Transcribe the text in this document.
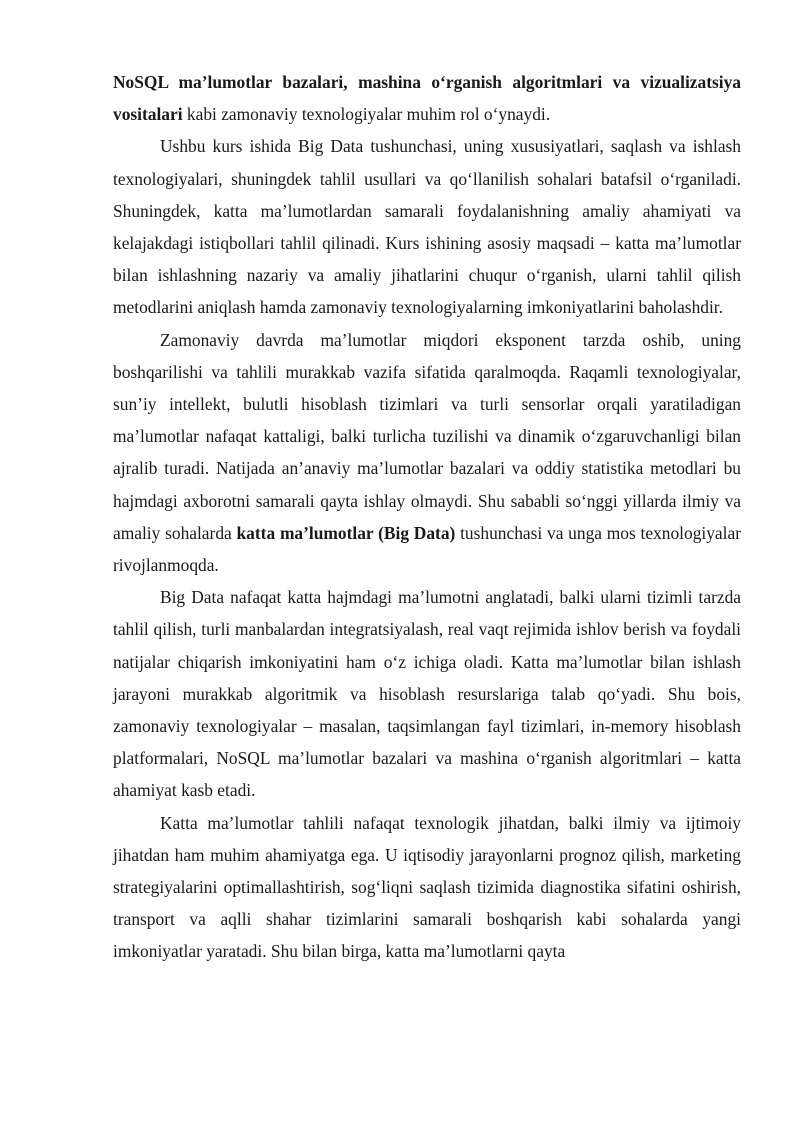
NoSQL ma’lumotlar bazalari, mashina o‘rganish algoritmlari va vizualizatsiya vositalari kabi zamonaviy texnologiyalar muhim rol o‘ynaydi.

Ushbu kurs ishida Big Data tushunchasi, uning xususiyatlari, saqlash va ishlash texnologiyalari, shuningdek tahlil usullari va qo‘llanilish sohalari batafsil o‘rganiladi. Shuningdek, katta ma’lumotlardan samarali foydalanishning amaliy ahamiyati va kelajakdagi istiqbollari tahlil qilinadi. Kurs ishining asosiy maqsadi – katta ma’lumotlar bilan ishlashning nazariy va amaliy jihatlarini chuqur o‘rganish, ularni tahlil qilish metodlarini aniqlash hamda zamonaviy texnologiyalarning imkoniyatlarini baholashdir.

Zamonaviy davrda ma’lumotlar miqdori eksponent tarzda oshib, uning boshqarilishi va tahlili murakkab vazifa sifatida qaralmoqda. Raqamli texnologiyalar, sun’iy intellekt, bulutli hisoblash tizimlari va turli sensorlar orqali yaratiladigan ma’lumotlar nafaqat kattaligi, balki turlicha tuzilishi va dinamik o‘zgaruvchanligi bilan ajralib turadi. Natijada an’anaviy ma’lumotlar bazalari va oddiy statistika metodlari bu hajmdagi axborotni samarali qayta ishlay olmaydi. Shu sababli so‘nggi yillarda ilmiy va amaliy sohalarda katta ma’lumotlar (Big Data) tushunchasi va unga mos texnologiyalar rivojlanmoqda.

Big Data nafaqat katta hajmdagi ma’lumotni anglatadi, balki ularni tizimli tarzda tahlil qilish, turli manbalardan integratsiyalash, real vaqt rejimida ishlov berish va foydali natijalar chiqarish imkoniyatini ham o‘z ichiga oladi. Katta ma’lumotlar bilan ishlash jarayoni murakkab algoritmik va hisoblash resurslariga talab qo‘yadi. Shu bois, zamonaviy texnologiyalar – masalan, taqsimlangan fayl tizimlari, in-memory hisoblash platformalari, NoSQL ma’lumotlar bazalari va mashina o‘rganish algoritmlari – katta ahamiyat kasb etadi.

Katta ma’lumotlar tahlili nafaqat texnologik jihatdan, balki ilmiy va ijtimoiy jihatdan ham muhim ahamiyatga ega. U iqtisodiy jarayonlarni prognoz qilish, marketing strategiyalarini optimallashtirish, sog‘liqni saqlash tizimida diagnostika sifatini oshirish, transport va aqlli shahar tizimlarini samarali boshqarish kabi sohalarda yangi imkoniyatlar yaratadi. Shu bilan birga, katta ma’lumotlarni qayta
